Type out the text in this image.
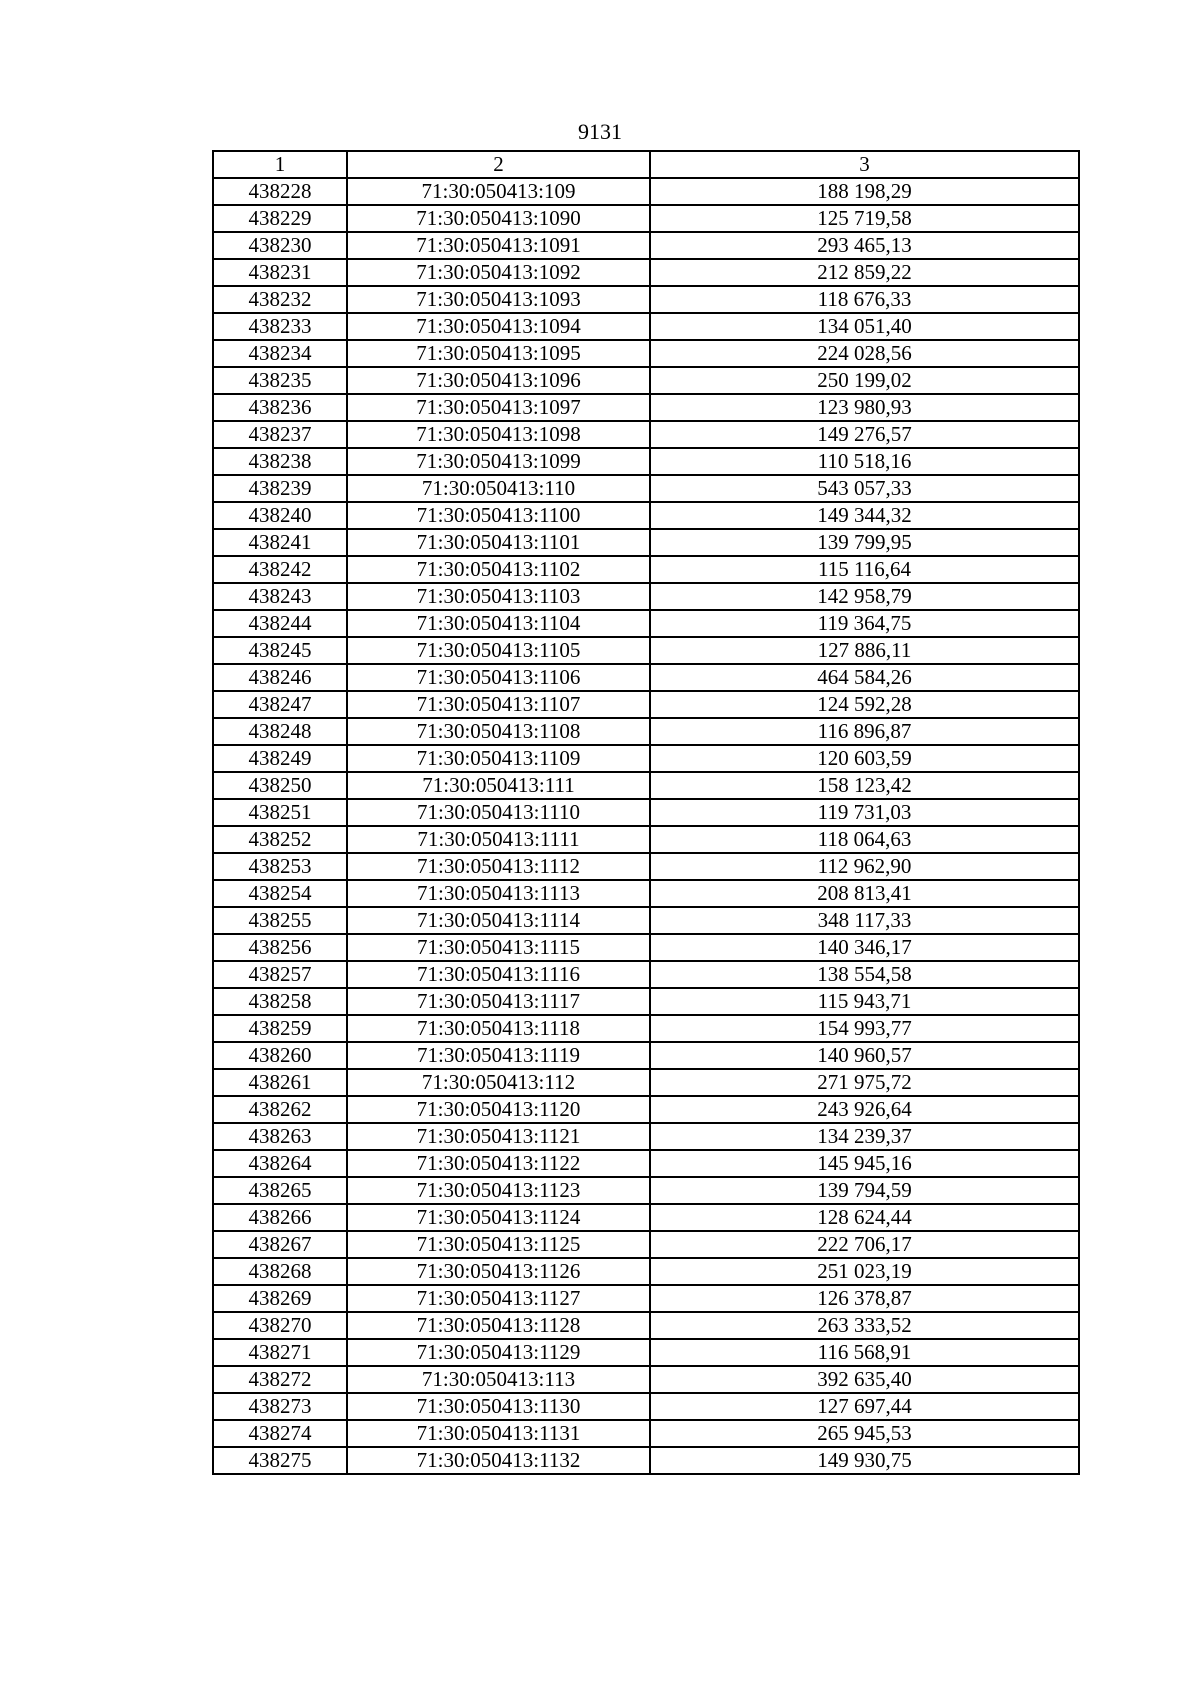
9131
1	2	3
438228	71:30:050413:109	188 198,29
438229	71:30:050413:1090	125 719,58
438230	71:30:050413:1091	293 465,13
438231	71:30:050413:1092	212 859,22
438232	71:30:050413:1093	118 676,33
438233	71:30:050413:1094	134 051,40
438234	71:30:050413:1095	224 028,56
438235	71:30:050413:1096	250 199,02
438236	71:30:050413:1097	123 980,93
438237	71:30:050413:1098	149 276,57
438238	71:30:050413:1099	110 518,16
438239	71:30:050413:110	543 057,33
438240	71:30:050413:1100	149 344,32
438241	71:30:050413:1101	139 799,95
438242	71:30:050413:1102	115 116,64
438243	71:30:050413:1103	142 958,79
438244	71:30:050413:1104	119 364,75
438245	71:30:050413:1105	127 886,11
438246	71:30:050413:1106	464 584,26
438247	71:30:050413:1107	124 592,28
438248	71:30:050413:1108	116 896,87
438249	71:30:050413:1109	120 603,59
438250	71:30:050413:111	158 123,42
438251	71:30:050413:1110	119 731,03
438252	71:30:050413:1111	118 064,63
438253	71:30:050413:1112	112 962,90
438254	71:30:050413:1113	208 813,41
438255	71:30:050413:1114	348 117,33
438256	71:30:050413:1115	140 346,17
438257	71:30:050413:1116	138 554,58
438258	71:30:050413:1117	115 943,71
438259	71:30:050413:1118	154 993,77
438260	71:30:050413:1119	140 960,57
438261	71:30:050413:112	271 975,72
438262	71:30:050413:1120	243 926,64
438263	71:30:050413:1121	134 239,37
438264	71:30:050413:1122	145 945,16
438265	71:30:050413:1123	139 794,59
438266	71:30:050413:1124	128 624,44
438267	71:30:050413:1125	222 706,17
438268	71:30:050413:1126	251 023,19
438269	71:30:050413:1127	126 378,87
438270	71:30:050413:1128	263 333,52
438271	71:30:050413:1129	116 568,91
438272	71:30:050413:113	392 635,40
438273	71:30:050413:1130	127 697,44
438274	71:30:050413:1131	265 945,53
438275	71:30:050413:1132	149 930,75
